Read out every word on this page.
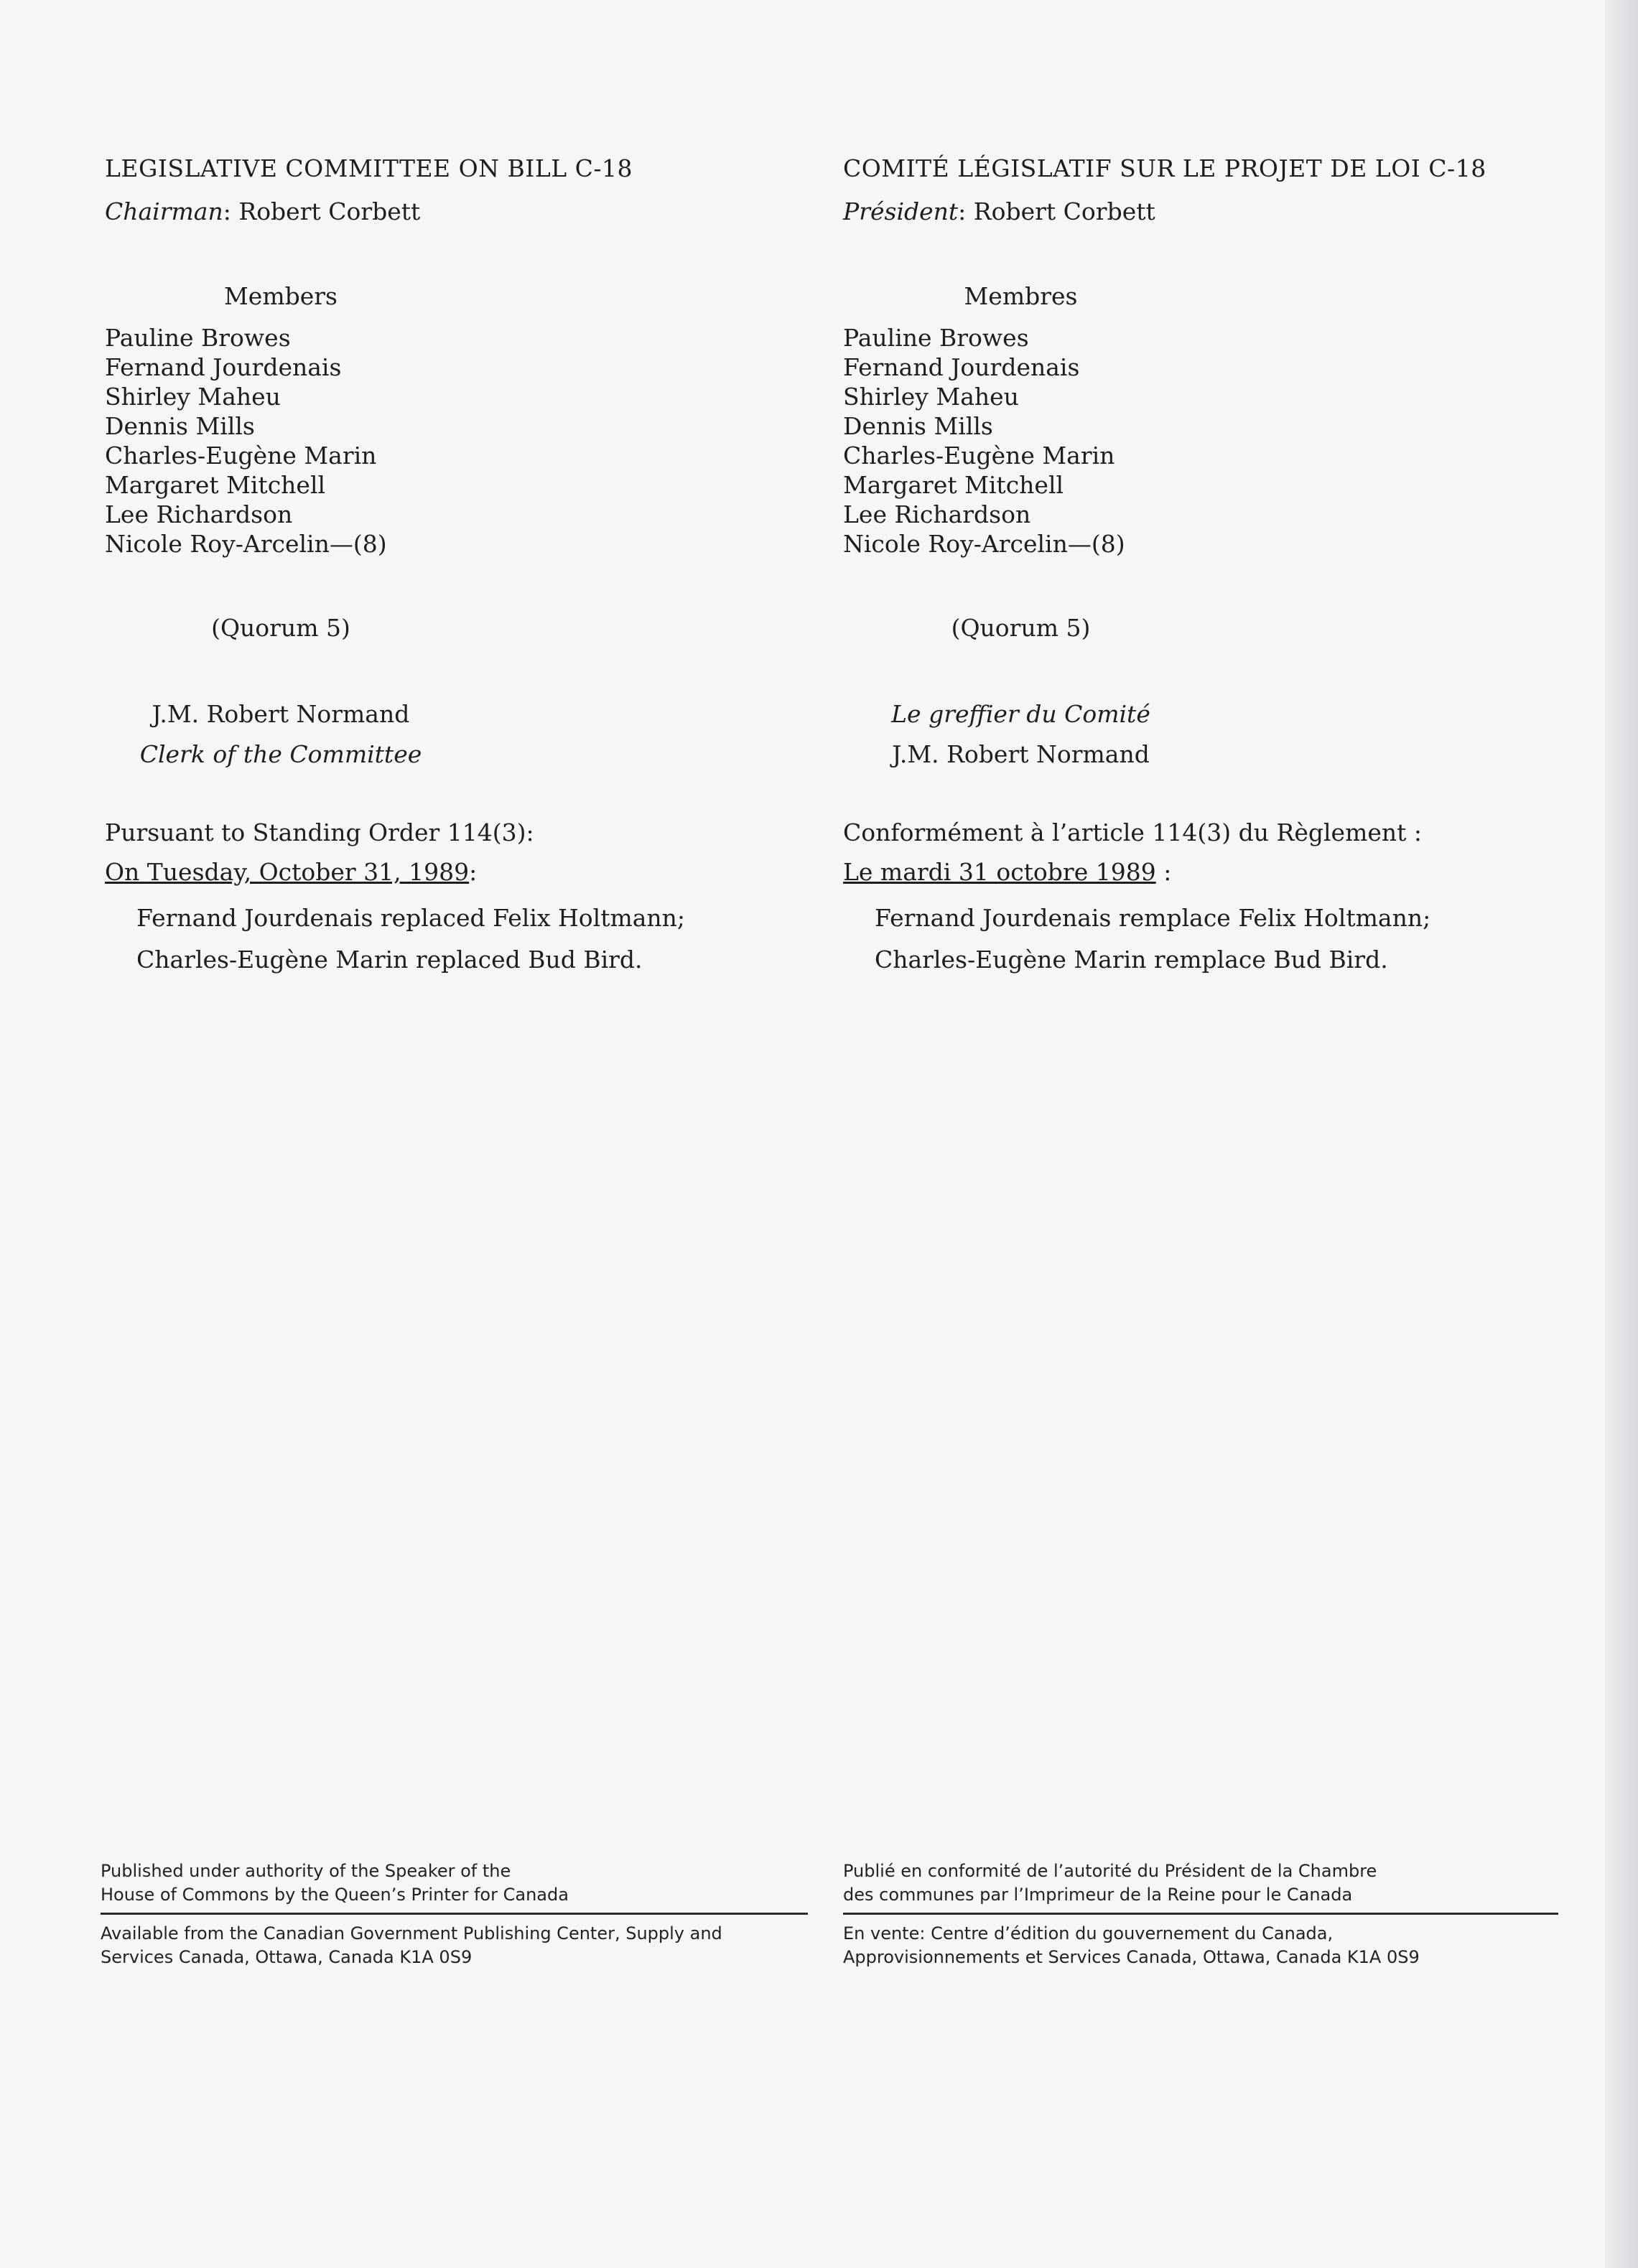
LEGISLATIVE COMMITTEE ON BILL C-18
Chairman: Robert Corbett
Members
Pauline Browes
Fernand Jourdenais
Shirley Maheu
Dennis Mills
Charles-Eugène Marin
Margaret Mitchell
Lee Richardson
Nicole Roy-Arcelin—(8)
(Quorum 5)
J.M. Robert Normand
Clerk of the Committee
Pursuant to Standing Order 114(3):
On Tuesday, October 31, 1989:
Fernand Jourdenais replaced Felix Holtmann;
Charles-Eugène Marin replaced Bud Bird.
COMITÉ LÉGISLATIF SUR LE PROJET DE LOI C-18
Président: Robert Corbett
Membres
Pauline Browes
Fernand Jourdenais
Shirley Maheu
Dennis Mills
Charles-Eugène Marin
Margaret Mitchell
Lee Richardson
Nicole Roy-Arcelin—(8)
(Quorum 5)
Le greffier du Comité
J.M. Robert Normand
Conformément à l’article 114(3) du Règlement :
Le mardi 31 octobre 1989 :
Fernand Jourdenais remplace Felix Holtmann;
Charles-Eugène Marin remplace Bud Bird.
Published under authority of the Speaker of the
House of Commons by the Queen’s Printer for Canada
Available from the Canadian Government Publishing Center, Supply and
Services Canada, Ottawa, Canada K1A 0S9
Publié en conformité de l’autorité du Président de la Chambre
des communes par l’Imprimeur de la Reine pour le Canada
En vente: Centre d’édition du gouvernement du Canada,
Approvisionnements et Services Canada, Ottawa, Canada K1A 0S9
